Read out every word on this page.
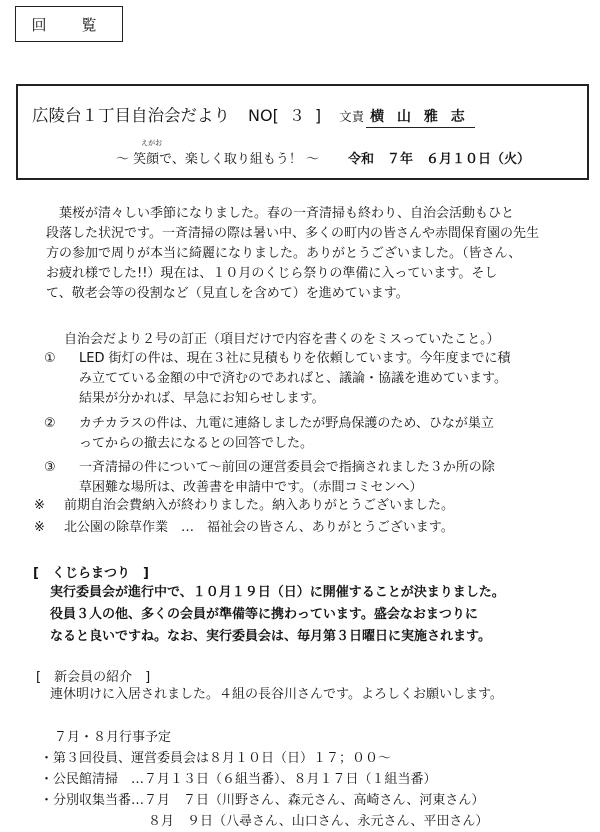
回　覧
広陵台１丁目自治会だより NO[ ３ ] 文責 横 山 雅 志
～
えがお
笑顔で、楽しく取り組もう！ ～ 令和　７年　６月１０日（火）
　葉桜が清々しい季節になりました。春の一斉清掃も終わり、自治会活動もひと
段落した状況です。一斉清掃の際は暑い中、多くの町内の皆さんや赤間保育園の先生
方の参加で周りが本当に綺麗になりました。ありがとうございました。（皆さん、
お疲れ様でした!!）現在は、１０月のくじら祭りの準備に入っています。そし
て、敬老会等の役割など（見直しを含めて）を進めています。
自治会だより２号の訂正（項目だけで内容を書くのをミスっていたこと。）
① LED 街灯の件は、現在３社に見積もりを依頼しています。今年度までに積
み立てている金額の中で済むのであればと、議論・協議を進めています。
結果が分かれば、早急にお知らせします。
② カチカラスの件は、九電に連絡しましたが野鳥保護のため、ひなが巣立
ってからの撤去になるとの回答でした。
③ 一斉清掃の件について～前回の運営委員会で指摘されました３か所の除
草困難な場所は、改善書を申請中です。（赤間コミセンへ）
※ 前期自治会費納入が終わりました。納入ありがとうございました。
※ 北公園の除草作業　…　福祉会の皆さん、ありがとうございます。
[　くじらまつり　]
実行委員会が進行中で、１０月１９日（日）に開催することが決まりました。
役員３人の他、多くの会員が準備等に携わっています。盛会なおまつりに
なると良いですね。なお、実行委員会は、毎月第３日曜日に実施されます。
[　新会員の紹介　]
連休明けに入居されました。４組の長谷川さんです。よろしくお願いします。
７月・８月行事予定
・第３回役員、運営委員会は８月１０日（日）１７；００～
・公民館清掃　…７月１３日（６組当番）、８月１７日（１組当番）
・分別収集当番…７月　７日（川野さん、森元さん、高崎さん、河東さん）
８月　９日（八尋さん、山口さん、永元さん、平田さん）
